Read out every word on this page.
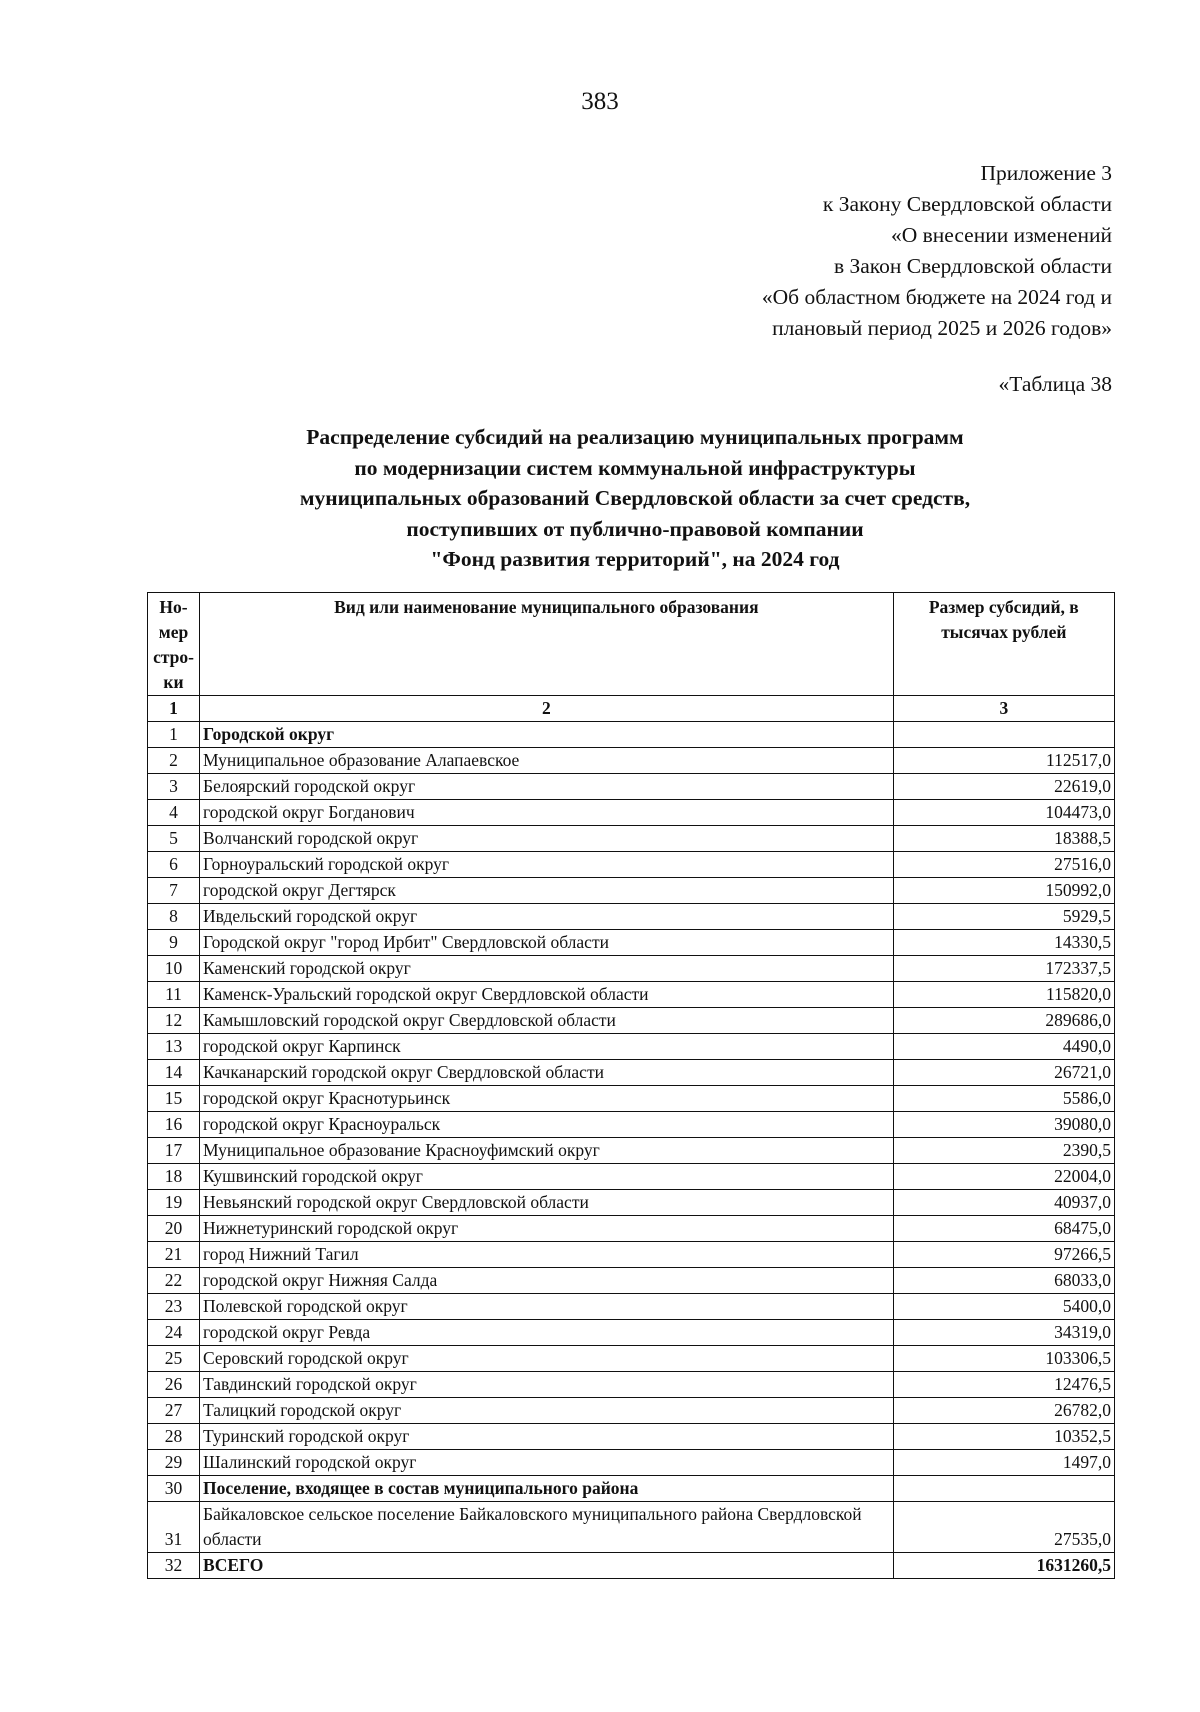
383
Приложение 3
к Закону Свердловской области
«О внесении изменений
в Закон Свердловской области
«Об областном бюджете на 2024 год и
плановый период 2025 и 2026 годов»
«Таблица 38
Распределение субсидий на реализацию муниципальных программ
по модернизации систем коммунальной инфраструктуры
муниципальных образований Свердловской области за счет средств,
поступивших от публично-правовой компании
"Фонд развития территорий", на 2024 год
Но-мер стро-ки	Вид или наименование муниципального образования	Размер субсидий, в тысячах рублей
1	2	3
1	Городской округ	
2	Муниципальное образование Алапаевское	112517,0
3	Белоярский городской округ	22619,0
4	городской округ Богданович	104473,0
5	Волчанский городской округ	18388,5
6	Горноуральский городской округ	27516,0
7	городской округ Дегтярск	150992,0
8	Ивдельский городской округ	5929,5
9	Городской округ "город Ирбит" Свердловской области	14330,5
10	Каменский городской округ	172337,5
11	Каменск-Уральский городской округ Свердловской области	115820,0
12	Камышловский городской округ Свердловской области	289686,0
13	городской округ Карпинск	4490,0
14	Качканарский городской округ Свердловской области	26721,0
15	городской округ Краснотурьинск	5586,0
16	городской округ Красноуральск	39080,0
17	Муниципальное образование Красноуфимский округ	2390,5
18	Кушвинский городской округ	22004,0
19	Невьянский городской округ Свердловской области	40937,0
20	Нижнетуринский городской округ	68475,0
21	город Нижний Тагил	97266,5
22	городской округ Нижняя Салда	68033,0
23	Полевской городской округ	5400,0
24	городской округ Ревда	34319,0
25	Серовский городской округ	103306,5
26	Тавдинский городской округ	12476,5
27	Талицкий городской округ	26782,0
28	Туринский городской округ	10352,5
29	Шалинский городской округ	1497,0
30	Поселение, входящее в состав муниципального района	
31	Байкаловское сельское поселение Байкаловского муниципального района Свердловской области	27535,0
32	ВСЕГО	1631260,5
